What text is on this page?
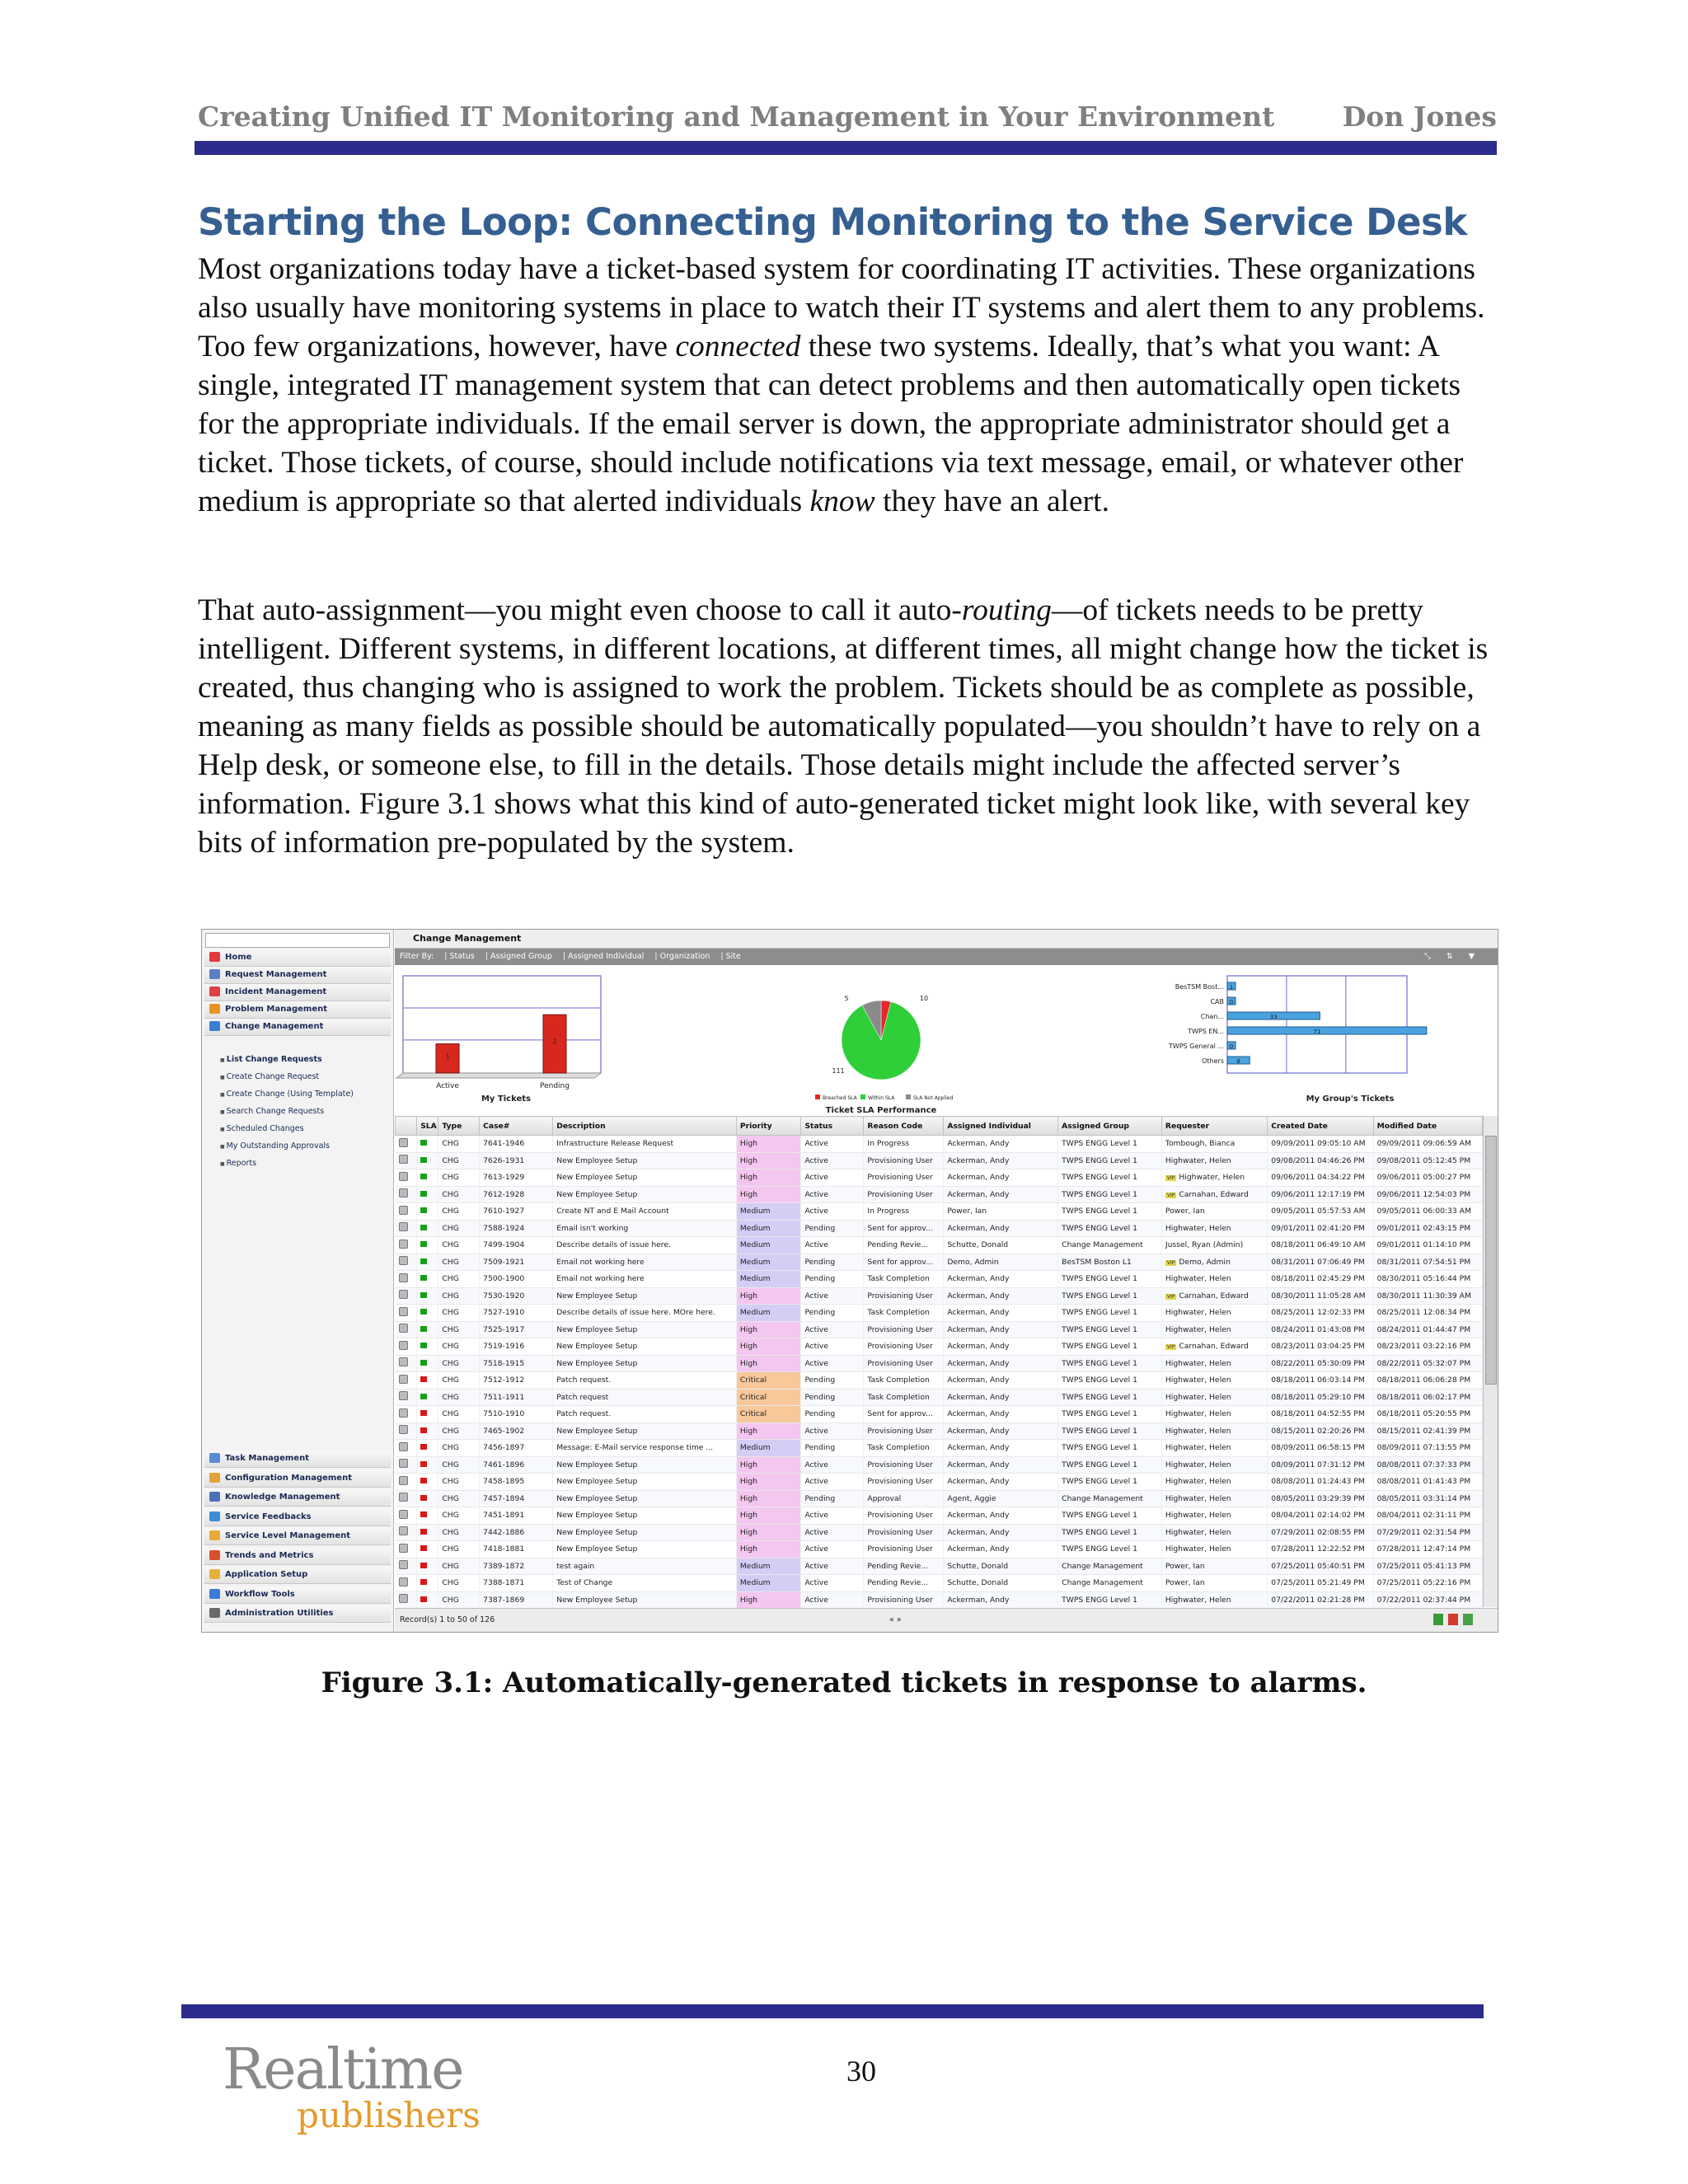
Creating Unified IT Monitoring and Management in Your Environment Don Jones
Starting the Loop: Connecting Monitoring to the Service Desk

Most organizations today have a ticket-based system for coordinating IT activities. These organizations also usually have monitoring systems in place to watch their IT systems and alert them to any problems. Too few organizations, however, have connected these two systems. Ideally, that’s what you want: A single, integrated IT management system that can detect problems and then automatically open tickets for the appropriate individuals. If the email server is down, the appropriate administrator should get a ticket. Those tickets, of course, should include notifications via text message, email, or whatever other medium is appropriate so that alerted individuals know they have an alert.

That auto-assignment—you might even choose to call it auto-routing—of tickets needs to be pretty intelligent. Different systems, in different locations, at different times, all might change how the ticket is created, thus changing who is assigned to work the problem. Tickets should be as complete as possible, meaning as many fields as possible should be automatically populated—you shouldn’t have to rely on a Help desk, or someone else, to fill in the details. Those details might include the affected server’s information. Figure 3.1 shows what this kind of auto-generated ticket might look like, with several key bits of information pre-populated by the system.

Home
Request Management
Incident Management
Problem Management
Change Management
■ List Change Requests
■ Create Change Request
■ Create Change (Using Template)
■ Search Change Requests
■ Scheduled Changes
■ My Outstanding Approvals
■ Reports
Task Management
Configuration Management
Knowledge Management
Service Feedbacks
Service Level Management
Trends and Metrics
Application Setup
Workflow Tools
Administration Utilities
Change Management
Filter By: | Status | Assigned Group | Assigned Individual | Organization | Site	⤡ ⇅ ▼
1
Active
2
Pending
My Tickets
5	10
111
Breached SLA Within SLA	SLA Not Applied
Ticket SLA Performance
BesTSM Bost... 1
CAB 0
Chan...	33
TWPS EN...	71
TWPS General ... 0
Others 8
My Group's Tickets
	SLA	Type	Case#	Description	Priority	Status	Reason Code	Assigned Individual	Assigned Group	Requester	Created Date	Modified Date
		CHG	7641-1946	Infrastructure Release Request	High	Active	In Progress	Ackerman, Andy	TWPS ENGG Level 1	Tombough, Bianca	09/09/2011 09:05:10 AM	09/09/2011 09:06:59 AM
		CHG	7626-1931	New Employee Setup	High	Active	Provisioning User	Ackerman, Andy	TWPS ENGG Level 1	Highwater, Helen	09/08/2011 04:46:26 PM	09/08/2011 05:12:45 PM
		CHG	7613-1929	New Employee Setup	High	Active	Provisioning User	Ackerman, Andy	TWPS ENGG Level 1	VIP Highwater, Helen	09/06/2011 04:34:22 PM	09/06/2011 05:00:27 PM
		CHG	7612-1928	New Employee Setup	High	Active	Provisioning User	Ackerman, Andy	TWPS ENGG Level 1	VIP Carnahan, Edward	09/06/2011 12:17:19 PM	09/06/2011 12:54:03 PM
		CHG	7610-1927	Create NT and E Mail Account	Medium	Active	In Progress	Power, Ian	TWPS ENGG Level 1	Power, Ian	09/05/2011 05:57:53 AM	09/05/2011 06:00:33 AM
		CHG	7588-1924	Email isn't working	Medium	Pending	Sent for approv...	Ackerman, Andy	TWPS ENGG Level 1	Highwater, Helen	09/01/2011 02:41:20 PM	09/01/2011 02:43:15 PM
		CHG	7499-1904	Describe details of issue here.	Medium	Active	Pending Revie...	Schutte, Donald	Change Management	Jussel, Ryan (Admin)	08/18/2011 06:49:10 AM	09/01/2011 01:14:10 PM
		CHG	7509-1921	Email not working here	Medium	Pending	Sent for approv...	Demo, Admin	BesTSM Boston L1	VIP Demo, Admin	08/31/2011 07:06:49 PM	08/31/2011 07:54:51 PM
		CHG	7500-1900	Email not working here	Medium	Pending	Task Completion	Ackerman, Andy	TWPS ENGG Level 1	Highwater, Helen	08/18/2011 02:45:29 PM	08/30/2011 05:16:44 PM
		CHG	7530-1920	New Employee Setup	High	Active	Provisioning User	Ackerman, Andy	TWPS ENGG Level 1	VIP Carnahan, Edward	08/30/2011 11:05:28 AM	08/30/2011 11:30:39 AM
		CHG	7527-1910	Describe details of issue here. MOre here.	Medium	Pending	Task Completion	Ackerman, Andy	TWPS ENGG Level 1	Highwater, Helen	08/25/2011 12:02:33 PM	08/25/2011 12:08:34 PM
		CHG	7525-1917	New Employee Setup	High	Active	Provisioning User	Ackerman, Andy	TWPS ENGG Level 1	Highwater, Helen	08/24/2011 01:43:08 PM	08/24/2011 01:44:47 PM
		CHG	7519-1916	New Employee Setup	High	Active	Provisioning User	Ackerman, Andy	TWPS ENGG Level 1	VIP Carnahan, Edward	08/23/2011 03:04:25 PM	08/23/2011 03:22:16 PM
		CHG	7518-1915	New Employee Setup	High	Active	Provisioning User	Ackerman, Andy	TWPS ENGG Level 1	Highwater, Helen	08/22/2011 05:30:09 PM	08/22/2011 05:32:07 PM
		CHG	7512-1912	Patch request.	Critical	Pending	Task Completion	Ackerman, Andy	TWPS ENGG Level 1	Highwater, Helen	08/18/2011 06:03:14 PM	08/18/2011 06:06:28 PM
		CHG	7511-1911	Patch request	Critical	Pending	Task Completion	Ackerman, Andy	TWPS ENGG Level 1	Highwater, Helen	08/18/2011 05:29:10 PM	08/18/2011 06:02:17 PM
		CHG	7510-1910	Patch request.	Critical	Pending	Sent for approv...	Ackerman, Andy	TWPS ENGG Level 1	Highwater, Helen	08/18/2011 04:52:55 PM	08/18/2011 05:20:55 PM
		CHG	7465-1902	New Employee Setup	High	Active	Provisioning User	Ackerman, Andy	TWPS ENGG Level 1	Highwater, Helen	08/15/2011 02:20:26 PM	08/15/2011 02:41:39 PM
		CHG	7456-1897	Message: E-Mail service response time ...	Medium	Pending	Task Completion	Ackerman, Andy	TWPS ENGG Level 1	Highwater, Helen	08/09/2011 06:58:15 PM	08/09/2011 07:13:55 PM
		CHG	7461-1896	New Employee Setup	High	Active	Provisioning User	Ackerman, Andy	TWPS ENGG Level 1	Highwater, Helen	08/09/2011 07:31:12 PM	08/08/2011 07:37:33 PM
		CHG	7458-1895	New Employee Setup	High	Active	Provisioning User	Ackerman, Andy	TWPS ENGG Level 1	Highwater, Helen	08/08/2011 01:24:43 PM	08/08/2011 01:41:43 PM
		CHG	7457-1894	New Employee Setup	High	Pending	Approval	Agent, Aggie	Change Management	Highwater, Helen	08/05/2011 03:29:39 PM	08/05/2011 03:31:14 PM
		CHG	7451-1891	New Employee Setup	High	Active	Provisioning User	Ackerman, Andy	TWPS ENGG Level 1	Highwater, Helen	08/04/2011 02:14:02 PM	08/04/2011 02:31:11 PM
		CHG	7442-1886	New Employee Setup	High	Active	Provisioning User	Ackerman, Andy	TWPS ENGG Level 1	Highwater, Helen	07/29/2011 02:08:55 PM	07/29/2011 02:31:54 PM
		CHG	7418-1881	New Employee Setup	High	Active	Provisioning User	Ackerman, Andy	TWPS ENGG Level 1	Highwater, Helen	07/28/2011 12:22:52 PM	07/28/2011 12:47:14 PM
		CHG	7389-1872	test again	Medium	Active	Pending Revie...	Schutte, Donald	Change Management	Power, Ian	07/25/2011 05:40:51 PM	07/25/2011 05:41:13 PM
		CHG	7388-1871	Test of Change	Medium	Active	Pending Revie...	Schutte, Donald	Change Management	Power, Ian	07/25/2011 05:21:49 PM	07/25/2011 05:22:16 PM
		CHG	7387-1869	New Employee Setup	High	Active	Provisioning User	Ackerman, Andy	TWPS ENGG Level 1	Highwater, Helen	07/22/2011 02:21:28 PM	07/22/2011 02:37:44 PM
Record(s) 1 to 50 of 126	« »
Figure 3.1: Automatically-generated tickets in response to alarms.
Realtime
publishers
30
